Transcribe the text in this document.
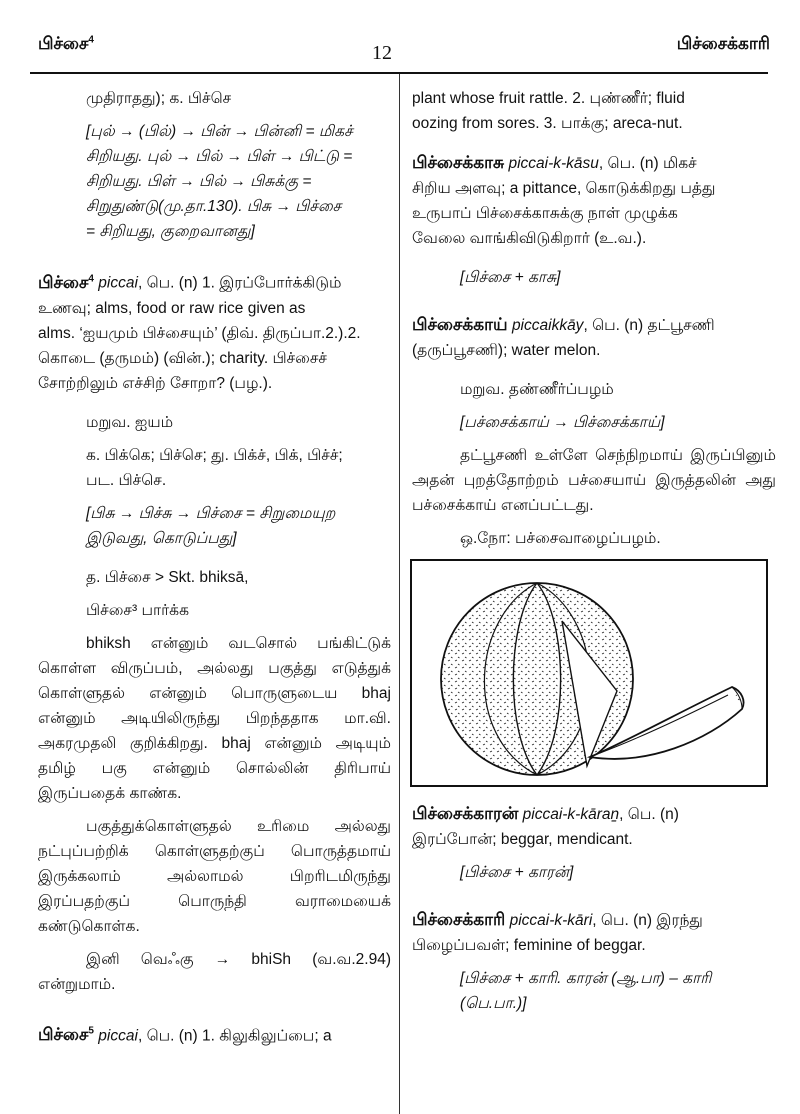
பிச்சை$^4$
12	பிச்சைக்காரி

முதிராதது); க. பிச்செ

[புல் → (பில்) → பின் → பின்னி = மிகச்

சிறியது. புல் → பில் → பிள் → பிட்டு =

சிறியது. பிள் → பில் → பிசுக்கு =

சிறுதுண்டு(மு.தா.130). பிசு → பிச்சை

= சிறியது, குறைவானது]

பிச்சை$^4$ piccai, பெ. (n) 1. இரப்போர்க்கிடும்

உணவு; alms, food or raw rice given as

alms. ‘ஐயமும் பிச்சையும்’ (திவ். திருப்பா.2.).2.

கொடை (தருமம்) (வின்.); charity. பிச்சைச்

சோற்றிலும் எச்சிற் சோறா? (பழ.).

மறுவ. ஐயம்

க. பிக்கெ; பிச்செ; து. பிக்ச், பிக், பிச்ச்;

பட. பிச்செ.

[பிசு → பிச்சு → பிச்சை = சிறுமையுற

இடுவது, கொடுப்பது]

த. பிச்சை > Skt. bhiksā,

பிச்சை³ பார்க்க

bhiksh என்னும் வடசொல் பங்கிட்டுக் கொள்ள விருப்பம், அல்லது பகுத்து எடுத்துக் கொள்ளுதல் என்னும் பொருளுடைய bhaj என்னும் அடியிலிருந்து பிறந்ததாக மா.வி. அகரமுதலி குறிக்கிறது. bhaj என்னும் அடியும் தமிழ் பகு என்னும் சொல்லின் திரிபாய் இருப்பதைக் காண்க.

பகுத்துக்கொள்ளுதல் உரிமை அல்லது நட்புப்பற்றிக் கொள்ளுதற்குப் பொருத்தமாய் இருக்கலாம் அல்லாமல் பிறரிடமிருந்து இரப்பதற்குப் பொருந்தி வராமையைக் கண்டுகொள்க.

இனி வெஃகு → bhiSh (வ.வ.2.94) என்றுமாம்.

பிச்சை$^5$ piccai, பெ. (n) 1. கிலுகிலுப்பை; a

plant whose fruit rattle. 2. புண்ணீர்; fluid

oozing from sores. 3. பாக்கு; areca-nut.

பிச்சைக்காசு piccai-k-kāsu, பெ. (n) மிகச்

சிறிய அளவு; a pittance, கொடுக்கிறது பத்து

உருபாப் பிச்சைக்காசுக்கு நாள் முழுக்க

வேலை வாங்கிவிடுகிறார் (உ.வ.).

[பிச்சை + காசு]

பிச்சைக்காய் piccaikkāy, பெ. (n) தட்பூசணி

(தருப்பூசணி); water melon.

மறுவ. தண்ணீர்ப்பழம்

[பச்சைக்காய் → பிச்சைக்காய்]

தட்பூசணி உள்ளே செந்நிறமாய் இருப்பினும் அதன் புறத்தோற்றம் பச்சையாய் இருத்தலின் அது பச்சைக்காய் எனப்பட்டது.

ஒ.நோ: பச்சைவாழைப்பழம்.

பிச்சைக்காரன் piccai-k-kāraṉ, பெ. (n)

இரப்போன்; beggar, mendicant.

[பிச்சை + காரன்]

பிச்சைக்காரி piccai-k-kāri, பெ. (n) இரந்து

பிழைப்பவள்; feminine of beggar.

[பிச்சை + காரி. காரன் (ஆ.பா) – காரி

(பெ.பா.)]
